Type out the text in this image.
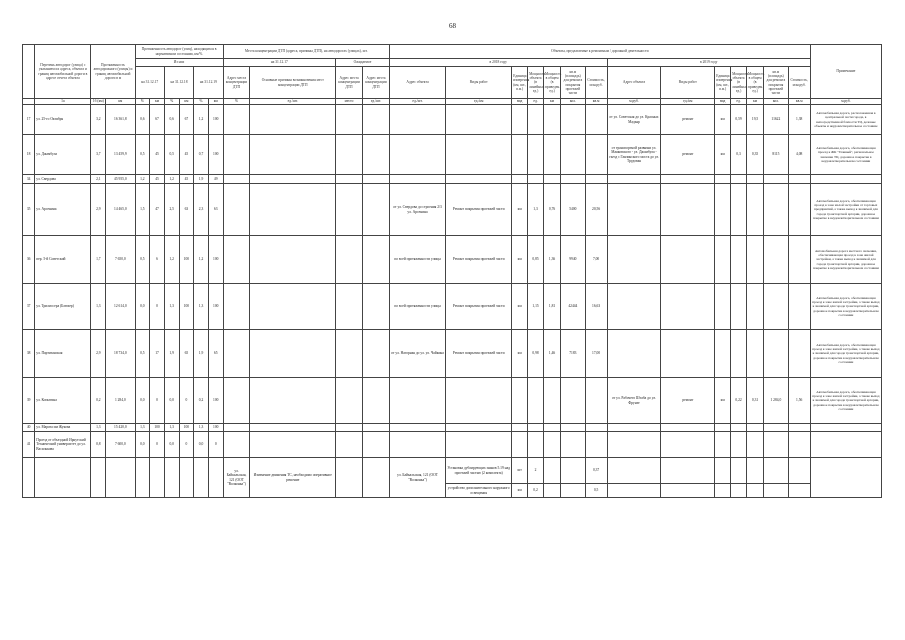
68
	Перечень автодорог (улица) с указанием их адреса, объекта и границ автомобильной дороги в адресе отчета объекта	Протяженность автодорожного (улицы) и границ автомобильной дороги в м		Протяженность автодорог (улиц), находящихся в нормативном состоянии, км/%						Места концентрации ДТП (адреса, причины ДТП), на автодорогах (улицах), шт.				Объекты, предлагаемые к ремонтным / дорожной деятельности														Примечание
				Из них						на 31.12.17		Ожидаемое		в 2018 году							в 2019 году							
				на 31.12.17		на 31.12.18		на 31.12.19		Адрес места концентрации ДТП	Основные причины возникновения мест концентрации ДТП	Адрес места концентрации ДТП	Адрес места концентрации ДТП	Адрес объекта	Виды работ	Единица измерения (км, шт., п.м.)	Мощность объекта (в линейных ед.)	Мощность в общем (в приведен. ед.)	кв.м (площадь) для ремонта покрытия проезжей части	Стоимость, млн.руб.	Адрес объекта	Виды работ	Единица измерения (км, шт., п.м.)	Мощность объекта (в линейных ед.)	Мощность в общем (в приведен. ед.)	кв.м (площадь) для ремонта покрытия проезжей части	Стоимость, млн.руб.	
	1а	1б (км)	км	%	км	%	км	%	км	%	ед./шт.	место	ед./шт.	ед./шт.	ед./км	вид	ед.	км	кол.	кв.м	м.руб.	ед./км	вид	ед.	км	кол.	кв.м	м.руб.
17	ул. 25-го Октября	3,2	16 361,8	0,6	67	0,6	67	1,2	100												от ул. Советская до ул. Красных Мадьяр	ремонт	км	0,59	19,5	11622	1,38	Автомобильная дорога, расположенная в центральной части города, в непосредственной близости ТЦ, деловые объекты и неудовлетворительное состояние
18	ул. Джамбула	3,7	13 459,9	0,5	45	0,5	45	0,7	100												от транспортной развязки ул. Маяковского - ул. Джамбула - съезд с Ганзинского моста до ул. Трудовая	ремонт	км	0,3	0,35	8115	4,08	Автомобильная дорога, обеспечивающая проезд к ЖК "Главный", региональное значение ТЦ, дорожное покрытие в неудовлетворительном состоянии
34	ул. Свердова	2,1	45 955,0	1,2	45	1,2	45	1,9	49																			
35	ул. Арсенина	2,9	14 465,0	1,5	47	2,5	63	2,3	63					от ул. Свердова до строения 2/3 ул. Арсенина	Ремонт покрытия проезжей части	км	1,3	0,76	5400	20,56								Автомобильная дорога, обеспечивающая проезд к зоне малой застройки от торговых предприятий, а также выход к значимой для города транспортной артерии, дорожное покрытие в неудовлетворительном состоянии
36	пер. 5-й Советский	1,7	7 650,0	0,5	6	1,2	100	1,2	100					по всей протяженности улицы	Ремонт покрытия проезжей части	км	0,85	1,36	9940	7,00								Автомобильная дорога местного значения, обеспечивающая проезд к зоне жилой застройки, а также выход к значимой для города транспортной артерии, дорожное покрытие в неудовлетворительном состоянии
37	ул. Трилиссера (Блюхер)	1,3	12 614,0	0,0	0	1,3	100	1,3	100					по всей протяженности улицы	Ремонт покрытия проезжей части	км	1,15	1,81	42444	16,63								Автомобильная дорога, обеспечивающая проезд к зоне жилой застройки, а также выход к значимой для города транспортной артерии, дорожное покрытие в неудовлетворительном состоянии
38	ул. Партизанская	2,9	18 734,0	0,5	17	1,9	65	1,9	65					от ул. Нагорная до ул. ул. Чайкина	Ремонт покрытия проезжей части	км	0,98	1,46	7183	17,00								Автомобильная дорога, обеспечивающая проезд к зоне жилой застройки, а также выход к значимой для города транспортной артерии, дорожное покрытие в неудовлетворительном состоянии
39	ул. Копытина	0,2	1 284,0	0,0	0	0,0	0	0,2	100												от ул. Рабочего Штаба до ул. Фрунзе	ремонт	км	0,22	0,31	1 284,0	1,56	Автомобильная дорога, обеспечивающая проезд к зоне жилой застройки, а также выход к значимой для города транспортной артерии, дорожное покрытие в неудовлетворительном состоянии
40	ул. Марата им Жукова	1,3	15 420,0	1,3	100	1,3	100	1,3	100																			
41	Проезд от объездной Иркутский Технический университет до ул. Василькова	0,8	7 600,0	0,0	0	0,0	0	0,0	0																			
										ул. Байкальская, 121 (ООТ "Волконка")	Изменение движения ТС, необходимо оперативное решение			ул. Байкальская, 121 (ООТ "Волконка")	Установка дублирующих знаков 5.19 над проезжей частью (2 комплекта)	шт	2			0,37								
															устройство дополнительного наружного освещения	км	0,2			0,5								
